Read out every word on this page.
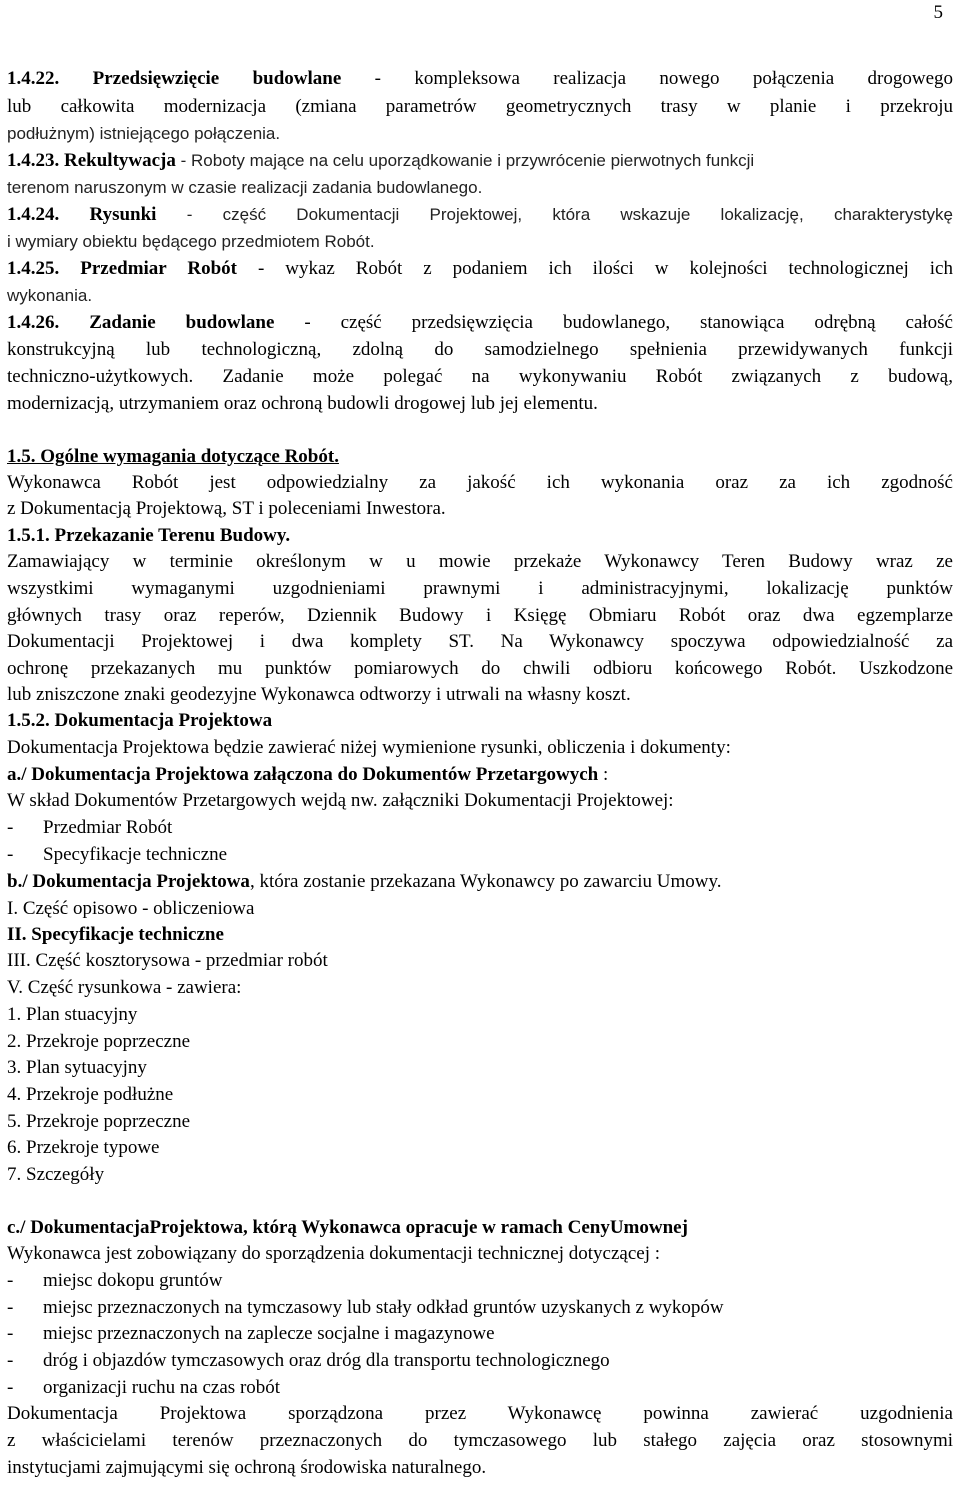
5
1.4.22. Przedsięwzięcie budowlane - kompleksowa realizacja nowego połączenia drogowego
lub całkowita modernizacja (zmiana parametrów geometrycznych trasy w planie i przekroju
podłużnym) istniejącego połączenia.
1.4.23. Rekultywacja - Roboty mające na celu uporządkowanie i przywrócenie pierwotnych funkcji
terenom naruszonym w czasie realizacji zadania budowlanego.
1.4.24. Rysunki - część Dokumentacji Projektowej, która wskazuje lokalizację, charakterystykę
i wymiary obiektu będącego przedmiotem Robót.
1.4.25. Przedmiar Robót - wykaz Robót z podaniem ich ilości w kolejności technologicznej ich
wykonania.
1.4.26. Zadanie budowlane - część przedsięwzięcia budowlanego, stanowiąca odrębną całość
konstrukcyjną lub technologiczną, zdolną do samodzielnego spełnienia przewidywanych funkcji
techniczno-użytkowych. Zadanie może polegać na wykonywaniu Robót związanych z budową,
modernizacją, utrzymaniem oraz ochroną budowli drogowej lub jej elementu.
1.5. Ogólne wymagania dotyczące Robót.
Wykonawca Robót jest odpowiedzialny za jakość ich wykonania oraz za ich zgodność
z Dokumentacją Projektową, ST i poleceniami Inwestora.
1.5.1. Przekazanie Terenu Budowy.
Zamawiający w terminie określonym w u mowie przekaże Wykonawcy Teren Budowy wraz ze
wszystkimi wymaganymi uzgodnieniami prawnymi i administracyjnymi, lokalizację punktów
głównych trasy oraz reperów, Dziennik Budowy i Księgę Obmiaru Robót oraz dwa egzemplarze
Dokumentacji Projektowej i dwa komplety ST. Na Wykonawcy spoczywa odpowiedzialność za
ochronę przekazanych mu punktów pomiarowych do chwili odbioru końcowego Robót. Uszkodzone
lub zniszczone znaki geodezyjne Wykonawca odtworzy i utrwali na własny koszt.
1.5.2. Dokumentacja Projektowa
Dokumentacja Projektowa będzie zawierać niżej wymienione rysunki, obliczenia i dokumenty:
a./ Dokumentacja Projektowa załączona do Dokumentów Przetargowych :
W skład Dokumentów Przetargowych wejdą nw. załączniki Dokumentacji Projektowej:
- Przedmiar Robót
- Specyfikacje techniczne
b./ Dokumentacja Projektowa, która zostanie przekazana Wykonawcy po zawarciu Umowy.
I. Część opisowo - obliczeniowa
II. Specyfikacje techniczne
III. Część kosztorysowa - przedmiar robót
V. Część rysunkowa - zawiera:
1. Plan stuacyjny
2. Przekroje poprzeczne
3. Plan sytuacyjny
4. Przekroje podłużne
5. Przekroje poprzeczne
6. Przekroje typowe
7. Szczegóły
c./ DokumentacjaProjektowa, którą Wykonawca opracuje w ramach CenyUmownej
Wykonawca jest zobowiązany do sporządzenia dokumentacji technicznej dotyczącej :
- miejsc dokopu gruntów
- miejsc przeznaczonych na tymczasowy lub stały odkład gruntów uzyskanych z wykopów
- miejsc przeznaczonych na zaplecze socjalne i magazynowe
- dróg i objazdów tymczasowych oraz dróg dla transportu technologicznego
- organizacji ruchu na czas robót
Dokumentacja Projektowa sporządzona przez Wykonawcę powinna zawierać uzgodnienia
z właścicielami terenów przeznaczonych do tymczasowego lub stałego zajęcia oraz stosownymi
instytucjami zajmującymi się ochroną środowiska naturalnego.
